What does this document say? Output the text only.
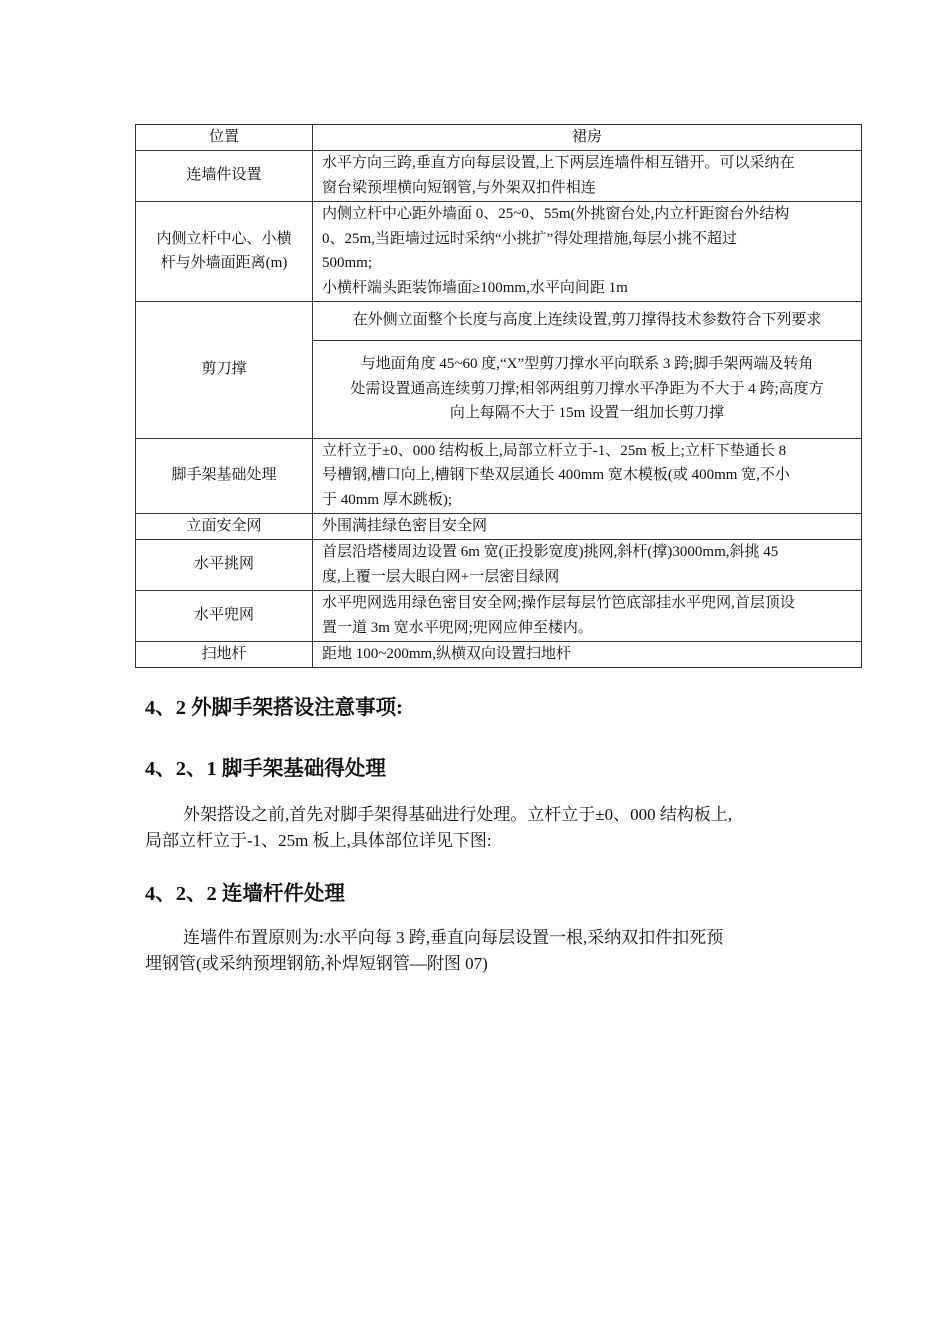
位置	裙房
连墙件设置	水平方向三跨,垂直方向每层设置,上下两层连墙件相互错开。可以采纳在
窗台梁预埋横向短钢管,与外架双扣件相连

内侧立杆中心、小横
杆与外墙面距离(m)	内侧立杆中心距外墙面 0、25~0、55m(外挑窗台处,内立杆距窗台外结构
0、25m,当距墙过远时采纳“小挑扩”得处理措施,每层小挑不超过
500mm;
小横杆端头距装饰墙面≥100mm,水平向间距 1m

剪刀撑	在外侧立面整个长度与高度上连续设置,剪刀撑得技术参数符合下列要求

	与地面角度 45~60 度,“X”型剪刀撑水平向联系 3 跨;脚手架两端及转角
处需设置通高连续剪刀撑;相邻两组剪刀撑水平净距为不大于 4 跨;高度方
向上每隔不大于 15m 设置一组加长剪刀撑

脚手架基础处理	立杆立于±0、000 结构板上,局部立杆立于-1、25m 板上;立杆下垫通长 8
号槽钢,槽口向上,槽钢下垫双层通长 400mm 宽木模板(或 400mm 宽,不小
于 40mm 厚木跳板);

立面安全网	外围满挂绿色密目安全网

水平挑网	首层沿塔楼周边设置 6m 宽(正投影宽度)挑网,斜杆(撑)3000mm,斜挑 45
度,上覆一层大眼白网+一层密目绿网

水平兜网	水平兜网选用绿色密目安全网;操作层每层竹笆底部挂水平兜网,首层顶设
置一道 3m 宽水平兜网;兜网应伸至楼内。

扫地杆	距地 100~200mm,纵横双向设置扫地杆
4、2 外脚手架搭设注意事项:
4、2、1 脚手架基础得处理
外架搭设之前,首先对脚手架得基础进行处理。立杆立于±0、000 结构板上,
局部立杆立于-1、25m 板上,具体部位详见下图:
4、2、2 连墙杆件处理
连墙件布置原则为:水平向每 3 跨,垂直向每层设置一根,采纳双扣件扣死预
埋钢管(或采纳预埋钢筋,补焊短钢管—附图 07)
